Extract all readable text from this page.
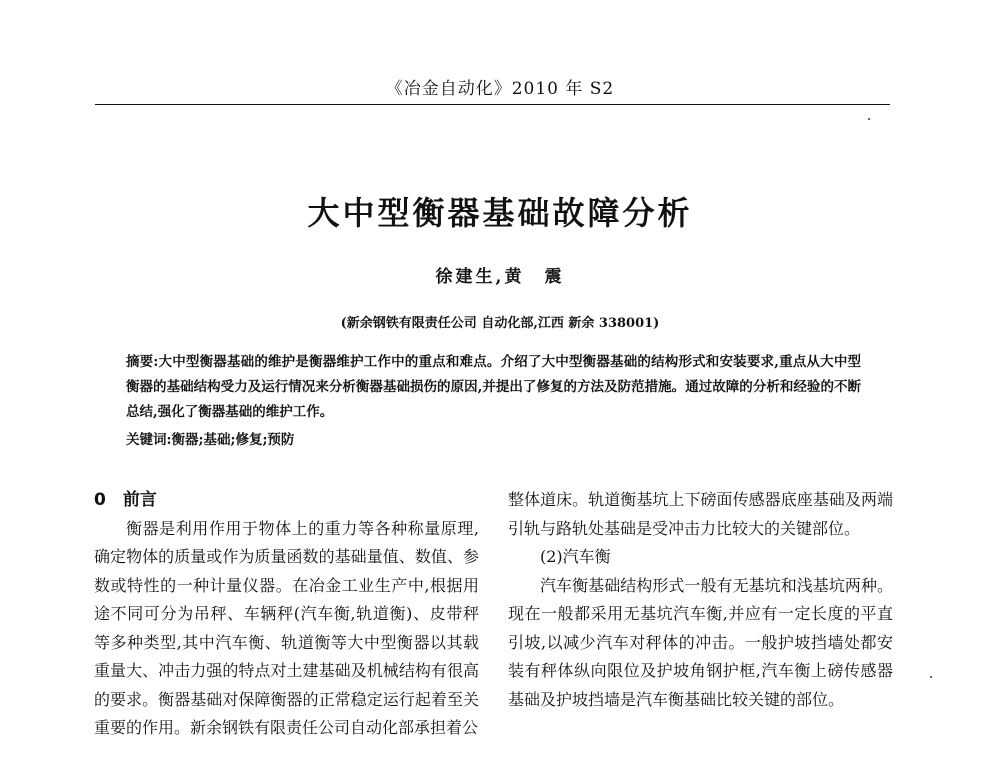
《冶金自动化》2010 年 S2
大中型衡器基础故障分析
徐建生,黄　震
(新余钢铁有限责任公司 自动化部,江西 新余 338001)
摘要:大中型衡器基础的维护是衡器维护工作中的重点和难点。介绍了大中型衡器基础的结构形式和安装要求,重点从大中型衡器的基础结构受力及运行情况来分析衡器基础损伤的原因,并提出了修复的方法及防范措施。通过故障的分析和经验的不断总结,强化了衡器基础的维护工作。
关键词:衡器;基础;修复;预防

0　前言

衡器是利用作用于物体上的重力等各种称量原理,确定物体的质量或作为质量函数的基础量值、数值、参数或特性的一种计量仪器。在冶金工业生产中,根据用途不同可分为吊秤、车辆秤(汽车衡,轨道衡)、皮带秤等多种类型,其中汽车衡、轨道衡等大中型衡器以其载重量大、冲击力强的特点对土建基础及机械结构有很高的要求。衡器基础对保障衡器的正常稳定运行起着至关重要的作用。新余钢铁有限责任公司自动化部承担着公

整体道床。轨道衡基坑上下磅面传感器底座基础及两端引轨与路轨处基础是受冲击力比较大的关键部位。

(2)汽车衡

汽车衡基础结构形式一般有无基坑和浅基坑两种。现在一般都采用无基坑汽车衡,并应有一定长度的平直引坡,以减少汽车对秤体的冲击。一般护坡挡墙处都安装有秤体纵向限位及护坡角钢护框,汽车衡上磅传感器基础及护坡挡墙是汽车衡基础比较关键的部位。
